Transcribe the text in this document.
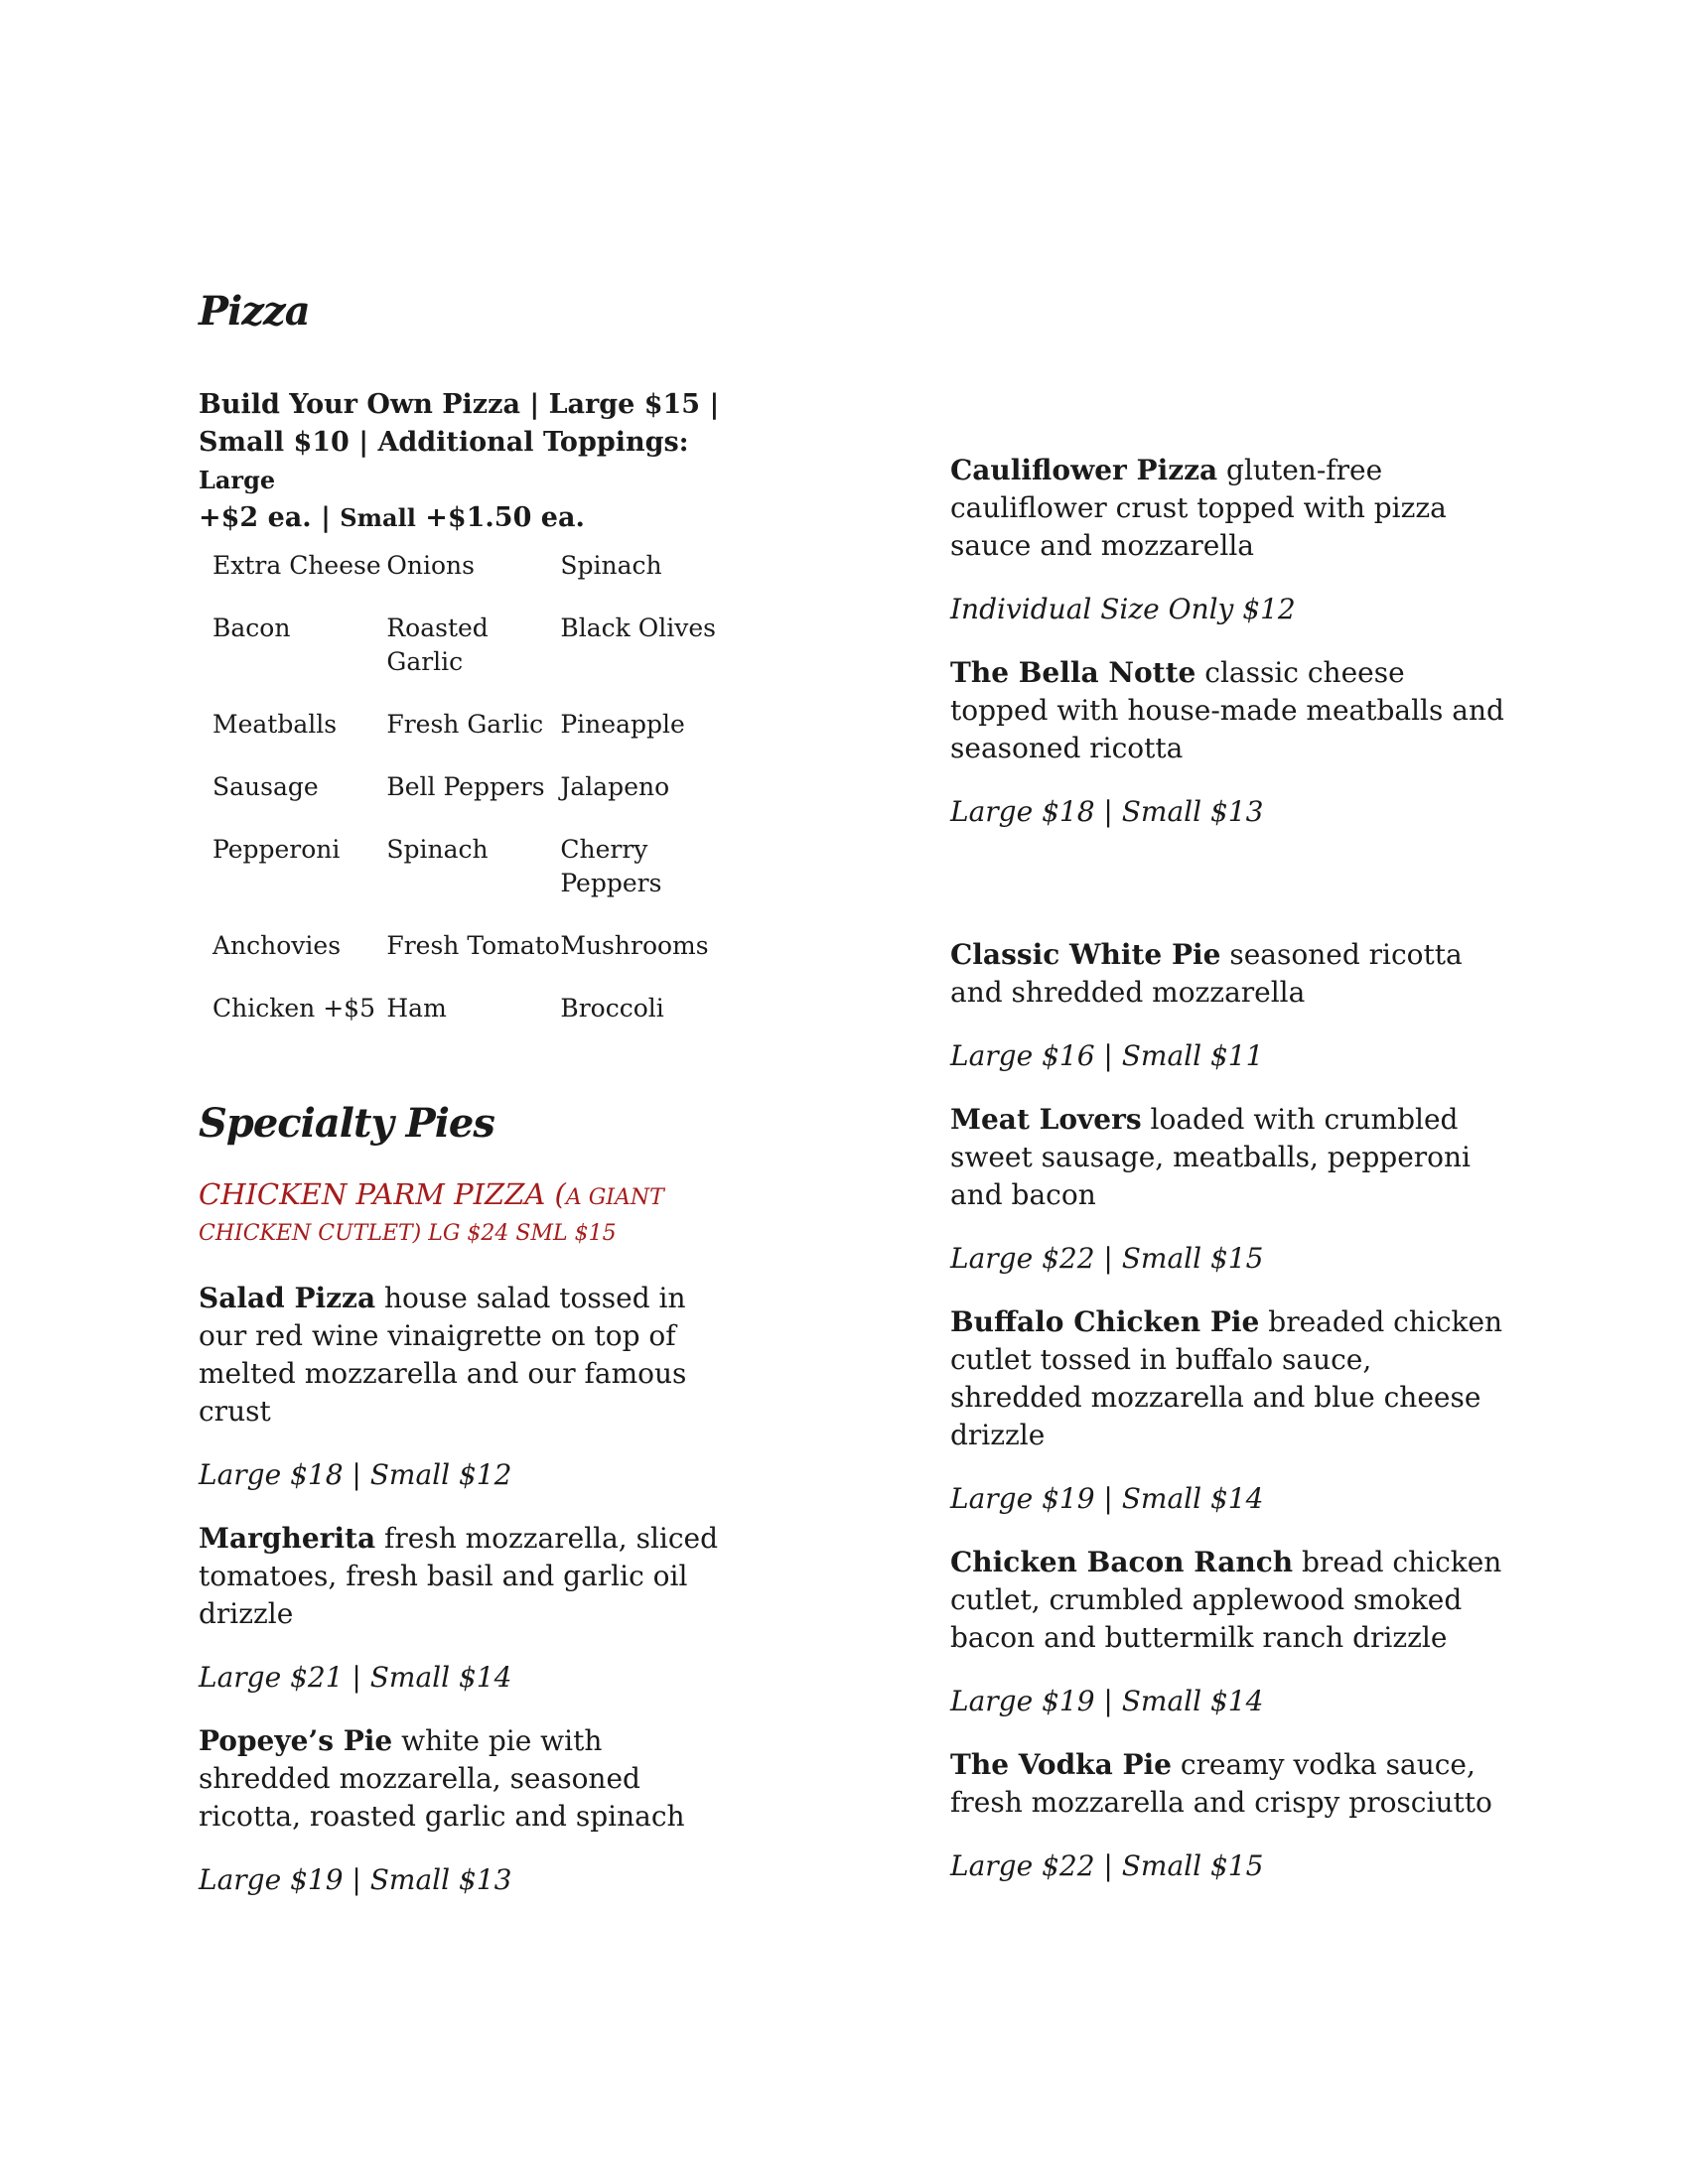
Pizza
Build Your Own Pizza | Large $15 |
Small $10 | Additional Toppings: Large
+$2 ea. | Small +$1.50 ea.
Extra Cheese	Onions	Spinach
Bacon	Roasted Garlic	Black Olives
Meatballs	Fresh Garlic	Pineapple
Sausage	Bell Peppers	Jalapeno
Pepperoni	Spinach	Cherry Peppers
Anchovies	Fresh Tomato	Mushrooms
Chicken +$5	Ham	Broccoli
Specialty Pies
CHICKEN PARM PIZZA (A GIANT CHICKEN CUTLET) LG $24 SML $15
Salad Pizza house salad tossed in our red wine vinaigrette on top of melted mozzarella and our famous crust
Large $18 | Small $12
Margherita fresh mozzarella, sliced tomatoes, fresh basil and garlic oil drizzle
Large $21 | Small $14
Popeye’s Pie white pie with shredded mozzarella, seasoned ricotta, roasted garlic and spinach
Large $19 | Small $13
Cauliflower Pizza gluten-free cauliflower crust topped with pizza sauce and mozzarella
Individual Size Only $12
The Bella Notte classic cheese topped with house-made meatballs and seasoned ricotta
Large $18 | Small $13
Classic White Pie seasoned ricotta and shredded mozzarella
Large $16 | Small $11
Meat Lovers loaded with crumbled sweet sausage, meatballs, pepperoni and bacon
Large $22 | Small $15
Buffalo Chicken Pie breaded chicken cutlet tossed in buffalo sauce, shredded mozzarella and blue cheese drizzle
Large $19 | Small $14
Chicken Bacon Ranch bread chicken cutlet, crumbled applewood smoked bacon and buttermilk ranch drizzle
Large $19 | Small $14
The Vodka Pie creamy vodka sauce, fresh mozzarella and crispy prosciutto
Large $22 | Small $15
